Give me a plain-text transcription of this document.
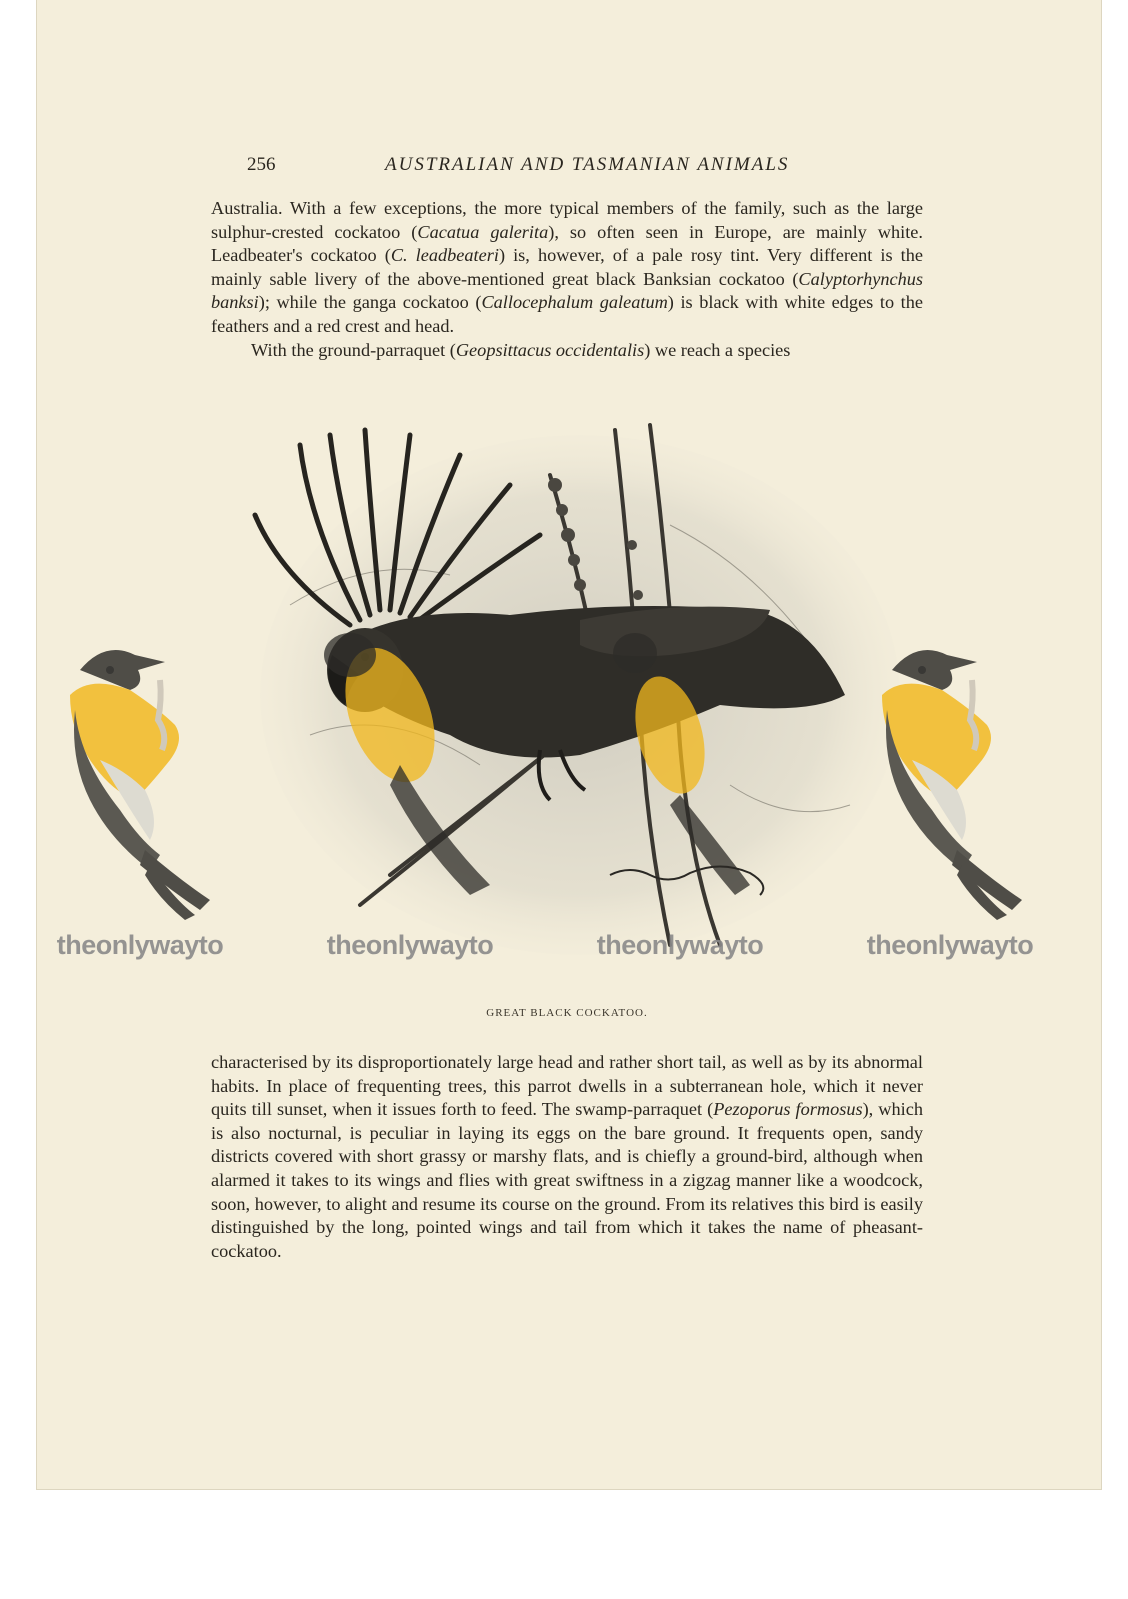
256	AUSTRALIAN AND TASMANIAN ANIMALS

Australia. With a few exceptions, the more typical members of the family, such as the large sulphur-crested cockatoo (Cacatua galerita), so often seen in Europe, are mainly white. Leadbeater's cockatoo (C. leadbeateri) is, however, of a pale rosy tint. Very different is the mainly sable livery of the above-mentioned great black Banksian cockatoo (Calyptorhynchus banksi); while the ganga cockatoo (Callocephalum galeatum) is black with white edges to the feathers and a red crest and head.

With the ground-parraquet (Geopsittacus occidentalis) we reach a species

GREAT BLACK COCKATOO.

characterised by its disproportionately large head and rather short tail, as well as by its abnormal habits. In place of frequenting trees, this parrot dwells in a subterranean hole, which it never quits till sunset, when it issues forth to feed. The swamp-parraquet (Pezoporus formosus), which is also nocturnal, is peculiar in laying its eggs on the bare ground. It frequents open, sandy districts covered with short grassy or marshy flats, and is chiefly a ground-bird, although when alarmed it takes to its wings and flies with great swiftness in a zigzag manner like a woodcock, soon, however, to alight and resume its course on the ground. From its relatives this bird is easily distinguished by the long, pointed wings and tail from which it takes the name of pheasant-cockatoo.

theonlywayto	theonlywayto	theonlywayto	theonlywayto
